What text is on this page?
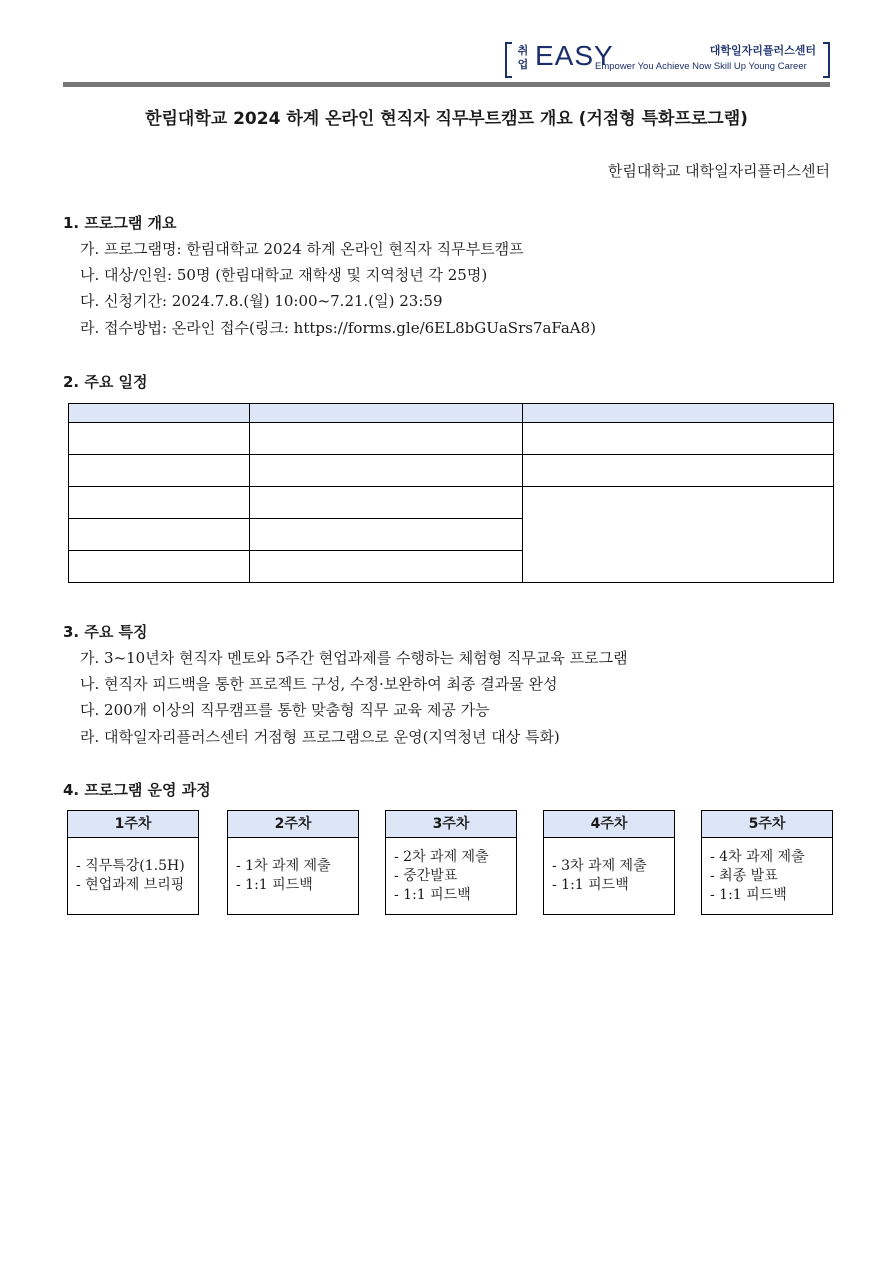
취업 EASY	대학일자리플러스센터
Empower You Achieve Now Skill Up Young Career
한림대학교 2024 하계 온라인 현직자 직무부트캠프 개요 (거점형 특화프로그램)
한림대학교 대학일자리플러스센터
1. 프로그램 개요
가. 프로그램명: 한림대학교 2024 하계 온라인 현직자 직무부트캠프
나. 대상/인원: 50명 (한림대학교 재학생 및 지역청년 각 25명)
다. 신청기간: 2024.7.8.(월) 10:00~7.21.(일) 23:59
라. 접수방법: 온라인 접수(링크: https://forms.gle/6EL8bGUaSrs7aFaA8)
2. 주요 일정

3. 주요 특징
가. 3~10년차 현직자 멘토와 5주간 현업과제를 수행하는 체험형 직무교육 프로그램
나. 현직자 피드백을 통한 프로젝트 구성, 수정·보완하여 최종 결과물 완성
다. 200개 이상의 직무캠프를 통한 맞춤형 직무 교육 제공 가능
라. 대학일자리플러스센터 거점형 프로그램으로 운영(지역청년 대상 특화)
4. 프로그램 운영 과정
1주차
- 직무특강(1.5H)
- 현업과제 브리핑
2주차
- 1차 과제 제출
- 1:1 피드백
3주차
- 2차 과제 제출
- 중간발표
- 1:1 피드백
4주차
- 3차 과제 제출
- 1:1 피드백
5주차
- 4차 과제 제출
- 최종 발표
- 1:1 피드백
